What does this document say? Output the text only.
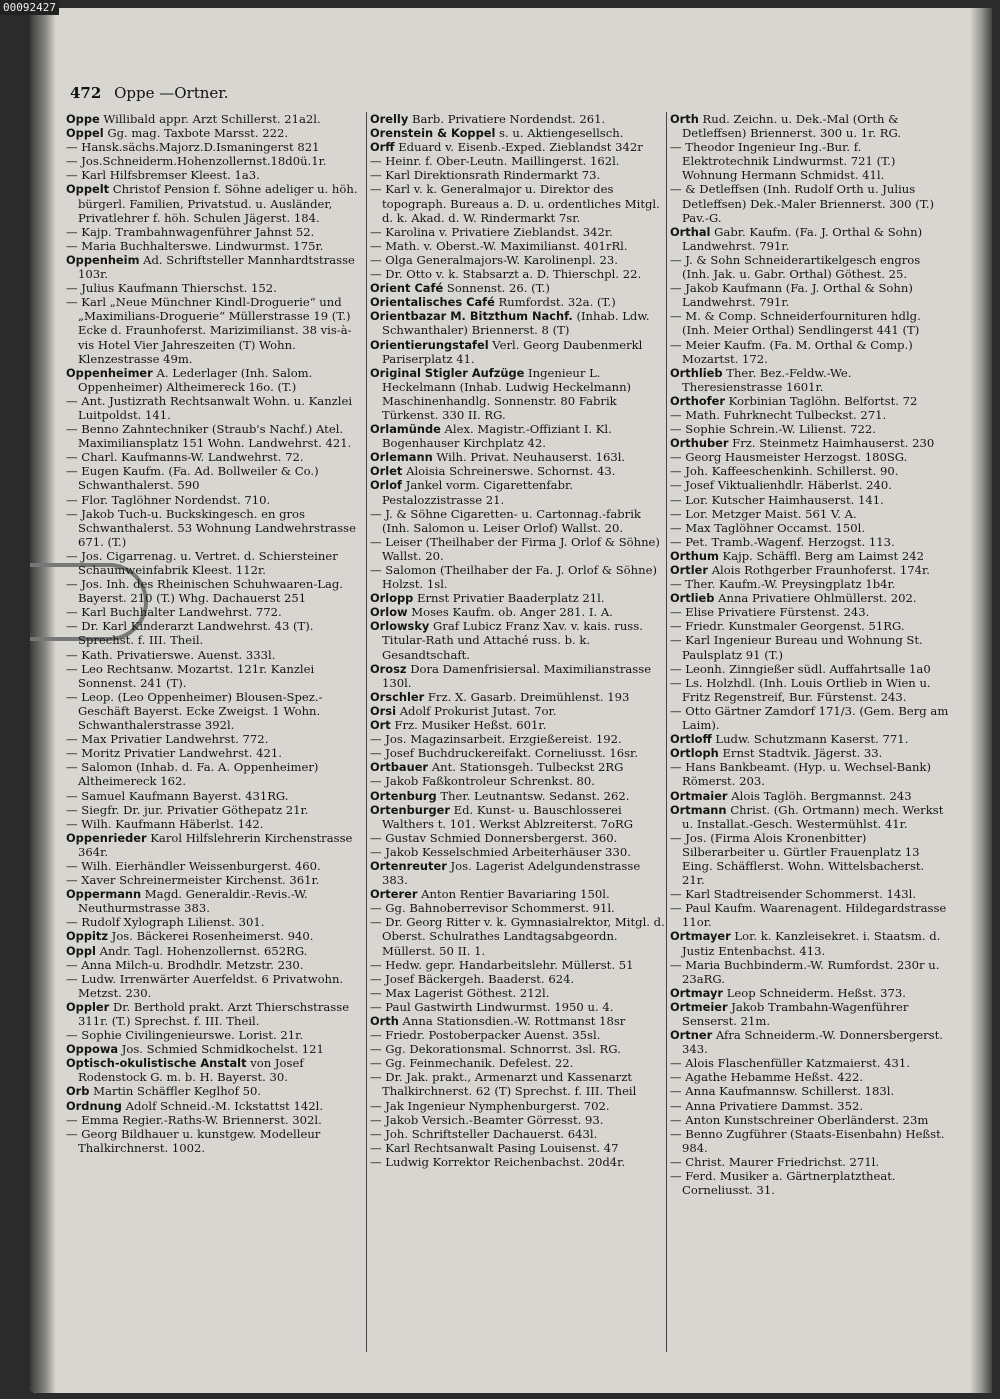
472 Oppe —Ortner.

Oppe Willibald appr. Arzt Schillerst. 21a2l.

Oppel Gg. mag. Taxbote Marsst. 222.

— Hansk.sächs.Majorz.D.Ismaningerst 821

— Jos.Schneiderm.Hohenzollernst.18d0ü.1r.

— Karl Hilfsbremser Kleest. 1a3.

Oppelt Christof Pension f. Söhne adeliger u. höh. bürgerl. Familien, Privatstud. u. Ausländer, Privatlehrer f. höh. Schulen Jägerst. 184.

— Kajp. Trambahnwagenführer Jahnst 52.

— Maria Buchhalterswe. Lindwurmst. 175r.

Oppenheim Ad. Schriftsteller Mannhardtstrasse 103r.

— Julius Kaufmann Thierschst. 152.

— Karl „Neue Münchner Kindl-Droguerie“ und „Maximilians-Droguerie“ Müllerstrasse 19 (T.) Ecke d. Fraunhoferst. Marizimilianst. 38 vis-à-vis Hotel Vier Jahreszeiten (T) Wohn. Klenzestrasse 49m.

Oppenheimer A. Lederlager (Inh. Salom. Oppenheimer) Altheimereck 16o. (T.)

— Ant. Justizrath Rechtsanwalt Wohn. u. Kanzlei Luitpoldst. 141.

— Benno Zahntechniker (Straub's Nachf.) Atel. Maximiliansplatz 151 Wohn. Landwehrst. 421.

— Charl. Kaufmanns-W. Landwehrst. 72.

— Eugen Kaufm. (Fa. Ad. Bollweiler & Co.) Schwanthalerst. 590

— Flor. Taglöhner Nordendst. 710.

— Jakob Tuch-u. Buckskingesch. en gros Schwanthalerst. 53 Wohnung Landwehrstrasse 671. (T.)

— Jos. Cigarrenag. u. Vertret. d. Schiersteiner Schaumweinfabrik Kleest. 112r.

— Jos. Inh. des Rheinischen Schuhwaaren-Lag. Bayerst. 210 (T.) Whg. Dachauerst 251

— Karl Buchhalter Landwehrst. 772.

— Dr. Karl Kinderarzt Landwehrst. 43 (T). Sprechst. f. III. Theil.

— Kath. Privatierswe. Auenst. 333l.

— Leo Rechtsanw. Mozartst. 121r. Kanzlei Sonnenst. 241 (T).

— Leop. (Leo Oppenheimer) Blousen-Spez.-Geschäft Bayerst. Ecke Zweigst. 1 Wohn. Schwanthalerstrasse 392l.

— Max Privatier Landwehrst. 772.

— Moritz Privatier Landwehrst. 421.

— Salomon (Inhab. d. Fa. A. Oppenheimer) Altheimereck 162.

— Samuel Kaufmann Bayerst. 431RG.

— Siegfr. Dr. jur. Privatier Göthepatz 21r.

— Wilh. Kaufmann Häberlst. 142.

Oppenrieder Karol Hilfslehrerin Kirchenstrasse 364r.

— Wilh. Eierhändler Weissenburgerst. 460.

— Xaver Schreinermeister Kirchenst. 361r.

Oppermann Magd. Generaldir.-Revis.-W. Neuthurmstrasse 383.

— Rudolf Xylograph Lilienst. 301.

Oppitz Jos. Bäckerei Rosenheimerst. 940.

Oppl Andr. Tagl. Hohenzollernst. 652RG.

— Anna Milch-u. Brodhdlr. Metzstr. 230.

— Ludw. Irrenwärter Auerfeldst. 6 Privatwohn. Metzst. 230.

Oppler Dr. Berthold prakt. Arzt Thierschstrasse 311r. (T.) Sprechst. f. III. Theil.

— Sophie Civilingenieurswe. Lorist. 21r.

Oppowa Jos. Schmied Schmidkochelst. 121

Optisch-okulistische Anstalt von Josef Rodenstock G. m. b. H. Bayerst. 30.

Orb Martin Schäffler Keglhof 50.

Ordnung Adolf Schneid.-M. Ickstattst 142l.

— Emma Regier.-Raths-W. Briennerst. 302l.

— Georg Bildhauer u. kunstgew. Modelleur Thalkirchnerst. 1002.

Orelly Barb. Privatiere Nordendst. 261.

Orenstein & Koppel s. u. Aktiengesellsch.

Orff Eduard v. Eisenb.-Exped. Zieblandst 342r

— Heinr. f. Ober-Leutn. Maillingerst. 162l.

— Karl Direktionsrath Rindermarkt 73.

— Karl v. k. Generalmajor u. Direktor des topograph. Bureaus a. D. u. ordentliches Mitgl. d. k. Akad. d. W. Rindermarkt 7sr.

— Karolina v. Privatiere Zieblandst. 342r.

— Math. v. Oberst.-W. Maximilianst. 401rRl.

— Olga Generalmajors-W. Karolinenpl. 23.

— Dr. Otto v. k. Stabsarzt a. D. Thierschpl. 22.

Orient Café Sonnenst. 26. (T.)

Orientalisches Café Rumfordst. 32a. (T.)

Orientbazar M. Bitzthum Nachf. (Inhab. Ldw. Schwanthaler) Briennerst. 8 (T)

Orientierungstafel Verl. Georg Daubenmerkl Pariserplatz 41.

Original Stigler Aufzüge Ingenieur L. Heckelmann (Inhab. Ludwig Heckelmann) Maschinenhandlg. Sonnenstr. 80 Fabrik Türkenst. 330 II. RG.

Orlamünde Alex. Magistr.-Offiziant I. Kl. Bogenhauser Kirchplatz 42.

Orlemann Wilh. Privat. Neuhauserst. 163l.

Orlet Aloisia Schreinerswe. Schornst. 43.

Orlof Jankel vorm. Cigarettenfabr. Pestalozzistrasse 21.

— J. & Söhne Cigaretten- u. Cartonnag.-fabrik (Inh. Salomon u. Leiser Orlof) Wallst. 20.

— Leiser (Theilhaber der Firma J. Orlof & Söhne) Wallst. 20.

— Salomon (Theilhaber der Fa. J. Orlof & Söhne) Holzst. 1sl.

Orlopp Ernst Privatier Baaderplatz 21l.

Orlow Moses Kaufm. ob. Anger 281. I. A.

Orlowsky Graf Lubicz Franz Xav. v. kais. russ. Titular-Rath und Attaché russ. b. k. Gesandtschaft.

Orosz Dora Damenfrisiersal. Maximilianstrasse 130l.

Orschler Frz. X. Gasarb. Dreimühlenst. 193

Orsi Adolf Prokurist Jutast. 7or.

Ort Frz. Musiker Heßst. 601r.

— Jos. Magazinsarbeit. Erzgießereist. 192.

— Josef Buchdruckereifakt. Corneliusst. 16sr.

Ortbauer Ant. Stationsgeh. Tulbeckst 2RG

— Jakob Faßkontroleur Schrenkst. 80.

Ortenburg Ther. Leutnantsw. Sedanst. 262.

Ortenburger Ed. Kunst- u. Bauschlosserei Walthers t. 101. Werkst Ablzreiterst. 7oRG

— Gustav Schmied Donnersbergerst. 360.

— Jakob Kesselschmied Arbeiterhäuser 330.

Ortenreuter Jos. Lagerist Adelgundenstrasse 383.

Orterer Anton Rentier Bavariaring 150l.

— Gg. Bahnoberrevisor Schommerst. 91l.

— Dr. Georg Ritter v. k. Gymnasialrektor, Mitgl. d. Oberst. Schulrathes Landtagsabgeordn. Müllerst. 50 II. 1.

— Hedw. gepr. Handarbeitslehr. Müllerst. 51

— Josef Bäckergeh. Baaderst. 624.

— Max Lagerist Göthest. 212l.

— Paul Gastwirth Lindwurmst. 1950 u. 4.

Orth Anna Stationsdien.-W. Rottmanst 18sr

— Friedr. Postoberpacker Auenst. 35sl.

— Gg. Dekorationsmal. Schnorrst. 3sl. RG.

— Gg. Feinmechanik. Defelest. 22.

— Dr. Jak. prakt., Armenarzt und Kassenarzt Thalkirchnerst. 62 (T) Sprechst. f. III. Theil

— Jak Ingenieur Nymphenburgerst. 702.

— Jakob Versich.-Beamter Görresst. 93.

— Joh. Schriftsteller Dachauerst. 643l.

— Karl Rechtsanwalt Pasing Louisenst. 47

— Ludwig Korrektor Reichenbachst. 20d4r.

Orth Rud. Zeichn. u. Dek.-Mal (Orth & Detleffsen) Briennerst. 300 u. 1r. RG.

— Theodor Ingenieur Ing.-Bur. f. Elektrotechnik Lindwurmst. 721 (T.) Wohnung Hermann Schmidst. 41l.

— & Detleffsen (Inh. Rudolf Orth u. Julius Detleffsen) Dek.-Maler Briennerst. 300 (T.) Pav.-G.

Orthal Gabr. Kaufm. (Fa. J. Orthal & Sohn) Landwehrst. 791r.

— J. & Sohn Schneiderartikelgesch engros (Inh. Jak. u. Gabr. Orthal) Göthest. 25.

— Jakob Kaufmann (Fa. J. Orthal & Sohn) Landwehrst. 791r.

— M. & Comp. Schneiderfournituren hdlg. (Inh. Meier Orthal) Sendlingerst 441 (T)

— Meier Kaufm. (Fa. M. Orthal & Comp.) Mozartst. 172.

Orthlieb Ther. Bez.-Feldw.-We. Theresienstrasse 1601r.

Orthofer Korbinian Taglöhn. Belfortst. 72

— Math. Fuhrknecht Tulbeckst. 271.

— Sophie Schrein.-W. Lilienst. 722.

Orthuber Frz. Steinmetz Haimhauserst. 230

— Georg Hausmeister Herzogst. 180SG.

— Joh. Kaffeeschenkinh. Schillerst. 90.

— Josef Viktualienhdlr. Häberlst. 240.

— Lor. Kutscher Haimhauserst. 141.

— Lor. Metzger Maist. 561 V. A.

— Max Taglöhner Occamst. 150l.

— Pet. Tramb.-Wagenf. Herzogst. 113.

Orthum Kajp. Schäffl. Berg am Laimst 242

Ortler Alois Rothgerber Fraunhoferst. 174r.

— Ther. Kaufm.-W. Preysingplatz 1b4r.

Ortlieb Anna Privatiere Ohlmüllerst. 202.

— Elise Privatiere Fürstenst. 243.

— Friedr. Kunstmaler Georgenst. 51RG.

— Karl Ingenieur Bureau und Wohnung St. Paulsplatz 91 (T.)

— Leonh. Zinngießer südl. Auffahrtsalle 1a0

— Ls. Holzhdl. (Inh. Louis Ortlieb in Wien u. Fritz Regenstreif, Bur. Fürstenst. 243.

— Otto Gärtner Zamdorf 171/3. (Gem. Berg am Laim).

Ortloff Ludw. Schutzmann Kaserst. 771.

Ortloph Ernst Stadtvik. Jägerst. 33.

— Hans Bankbeamt. (Hyp. u. Wechsel-Bank) Römerst. 203.

Ortmaier Alois Taglöh. Bergmannst. 243

Ortmann Christ. (Gh. Ortmann) mech. Werkst u. Installat.-Gesch. Westermühlst. 41r.

— Jos. (Firma Alois Kronenbitter) Silberarbeiter u. Gürtler Frauenplatz 13 Eing. Schäfflerst. Wohn. Wittelsbacherst. 21r.

— Karl Stadtreisender Schommerst. 143l.

— Paul Kaufm. Waarenagent. Hildegardstrasse 11or.

Ortmayer Lor. k. Kanzleisekret. i. Staatsm. d. Justiz Entenbachst. 413.

— Maria Buchbinderm.-W. Rumfordst. 230r u. 23aRG.

Ortmayr Leop Schneiderm. Heßst. 373.

Ortmeier Jakob Trambahn-Wagenführer Senserst. 21m.

Ortner Afra Schneiderm.-W. Donnersbergerst. 343.

— Alois Flaschenfüller Katzmaierst. 431.

— Agathe Hebamme Heßst. 422.

— Anna Kaufmannsw. Schillerst. 183l.

— Anna Privatiere Dammst. 352.

— Anton Kunstschreiner Oberländerst. 23m

— Benno Zugführer (Staats-Eisenbahn) Heßst. 984.

— Christ. Maurer Friedrichst. 271l.

— Ferd. Musiker a. Gärtnerplatztheat. Corneliusst. 31.

00092427
